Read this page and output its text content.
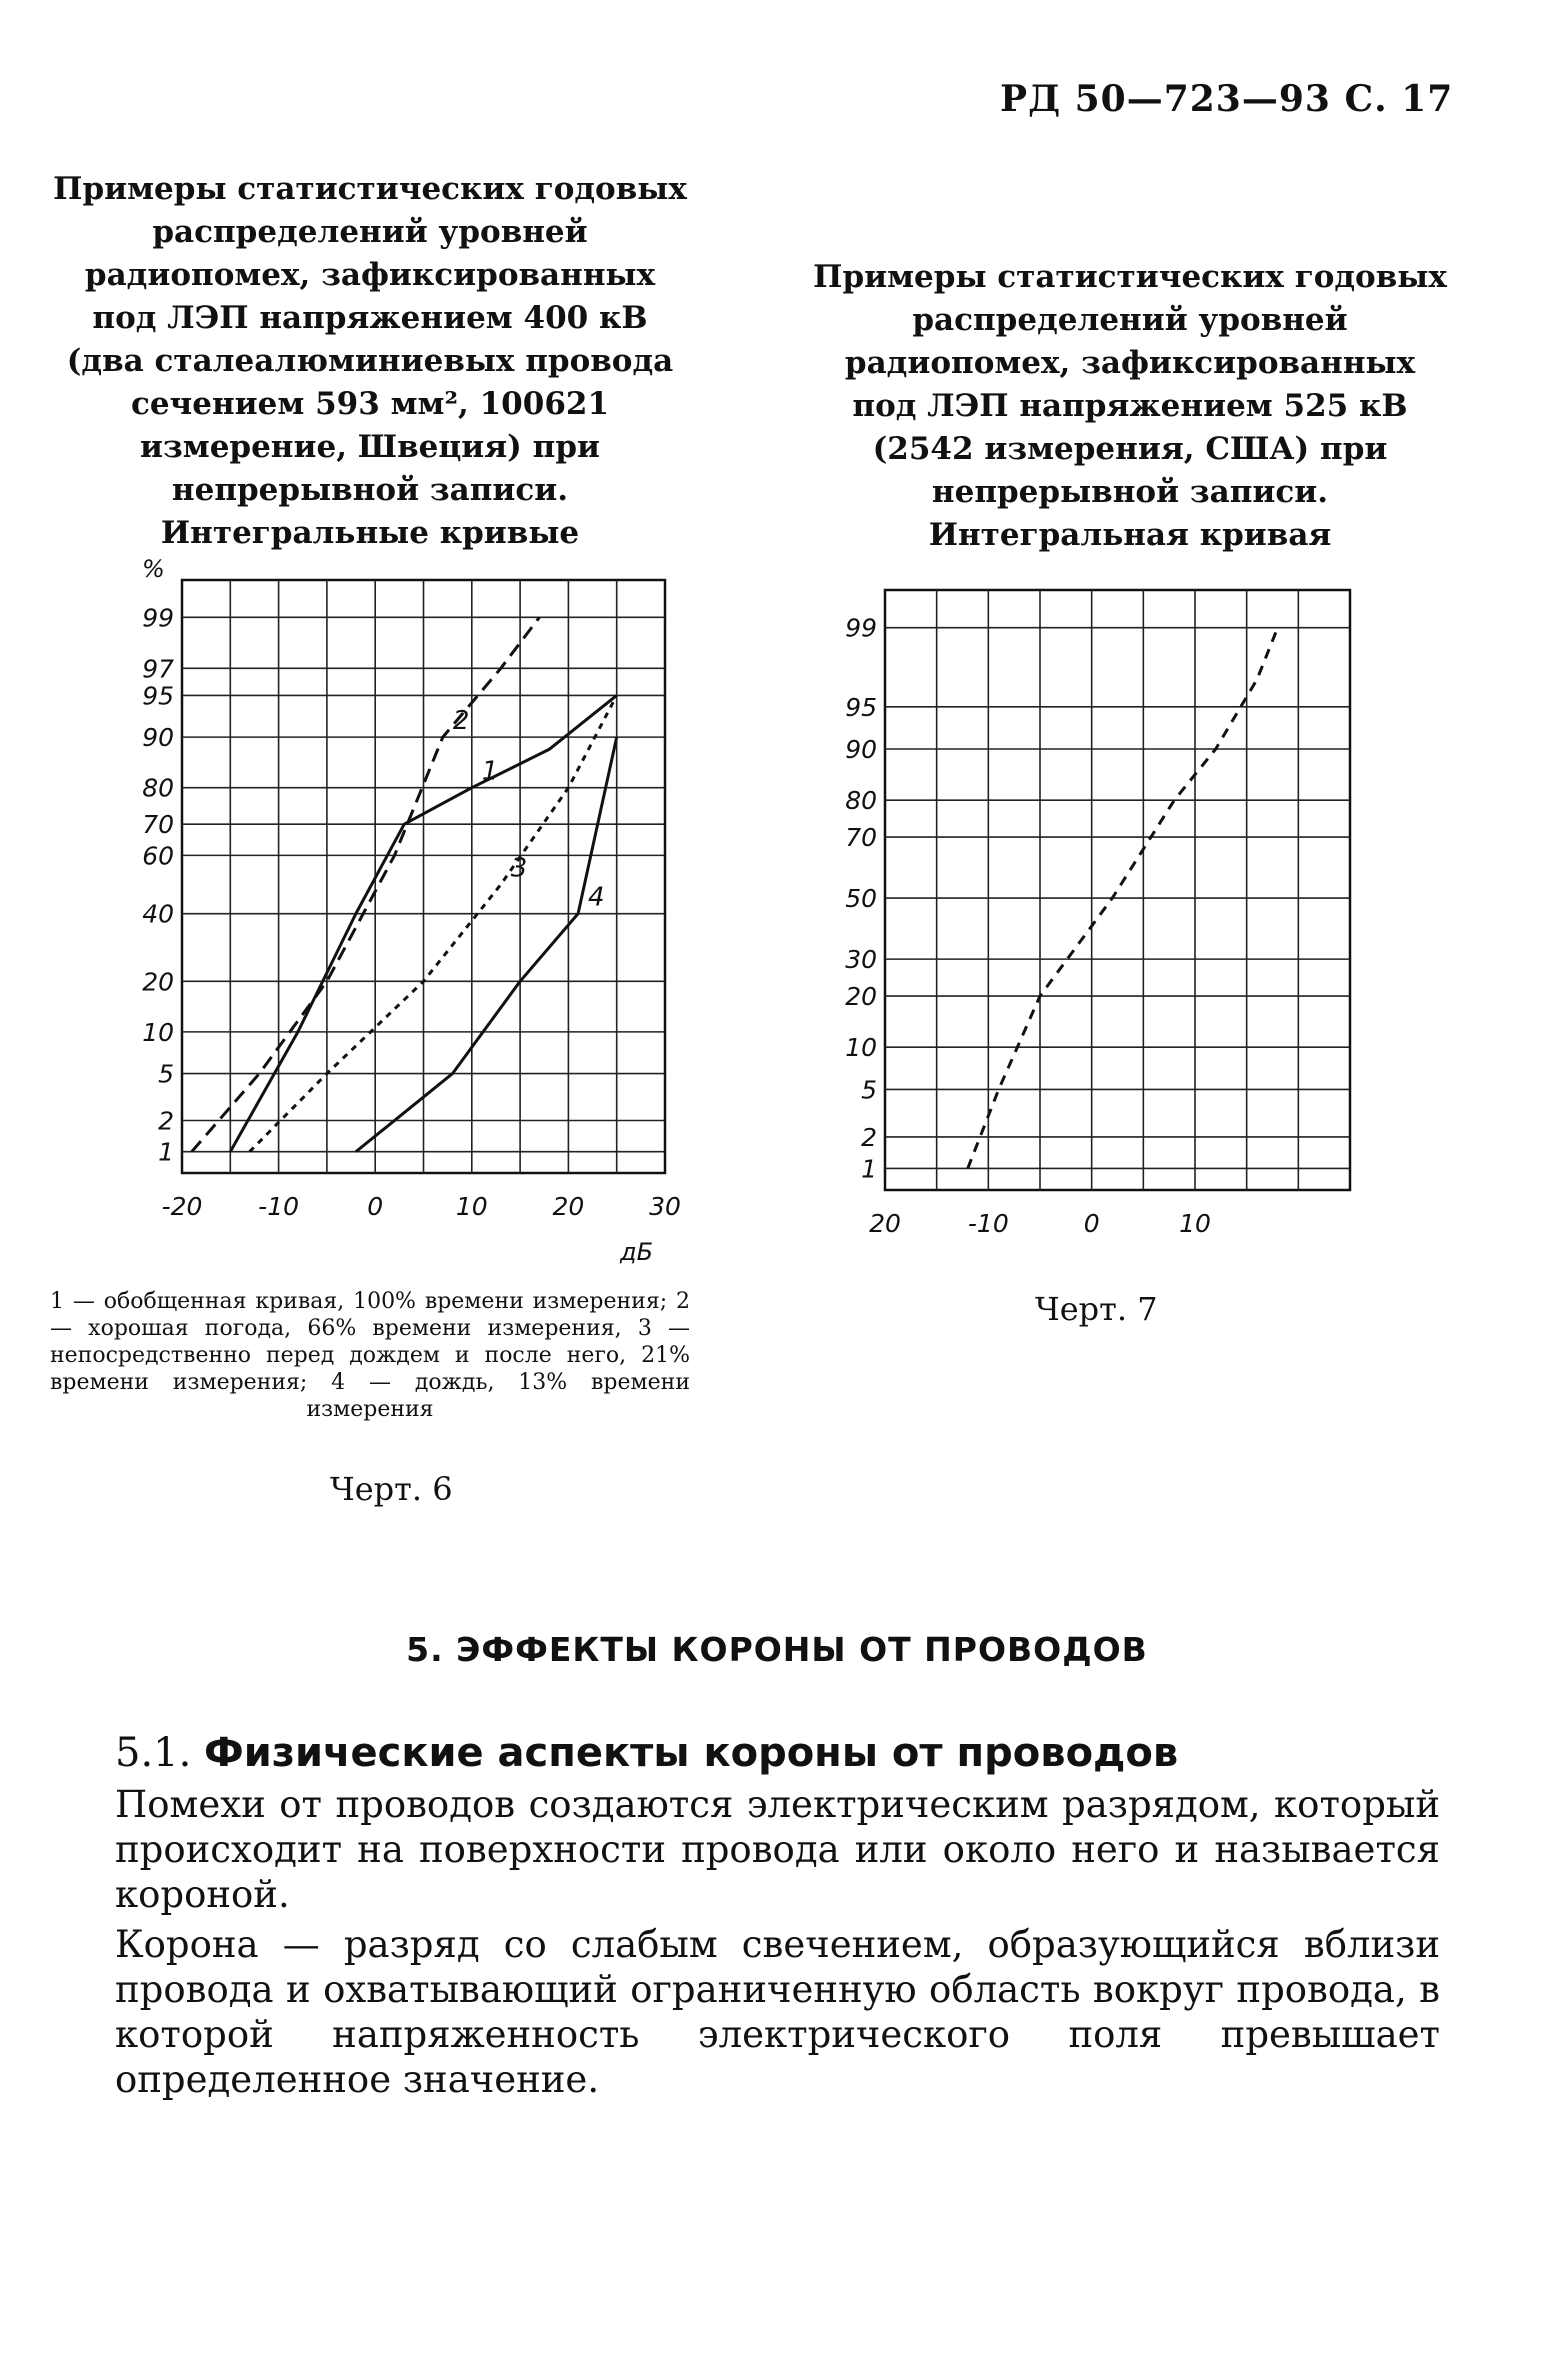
РД 50—723—93 С. 17
Примеры статистических годовых распределений уровней радиопомех, зафиксированных под ЛЭП напряжением 400 кВ (два сталеалюминиевых провода сечением 593 мм², 100621 измерение, Швеция) при непрерывной записи. Интегральные кривые
Примеры статистических годовых распределений уровней радиопомех, зафиксированных под ЛЭП напряжением 525 кВ (2542 измерения, США) при непрерывной записи. Интегральная кривая
1
2
5
10
20
40
60
70
80
90
95
97
99
-20 -10	0	10	20	30
1
2
3
4
%
дБ
1
2
5
10
20
30
50
70
80
90
95
99
20	-10	0	10
1 — обобщенная кривая, 100% времени измерения; 2 — хорошая погода, 66% времени измерения, 3 — непосредственно перед дождем и после него, 21% времени измерения; 4 — дождь, 13% времени измерения
Черт. 6
Черт. 7
5. ЭФФЕКТЫ КОРОНЫ ОТ ПРОВОДОВ
5.1. Физические аспекты короны от проводов
Помехи от проводов создаются электрическим разрядом, который происходит на поверхности провода или около него и называется короной.
Корона — разряд со слабым свечением, образующийся вблизи провода и охватывающий ограниченную область вокруг провода, в которой напряженность электрического поля превышает определенное значение.
